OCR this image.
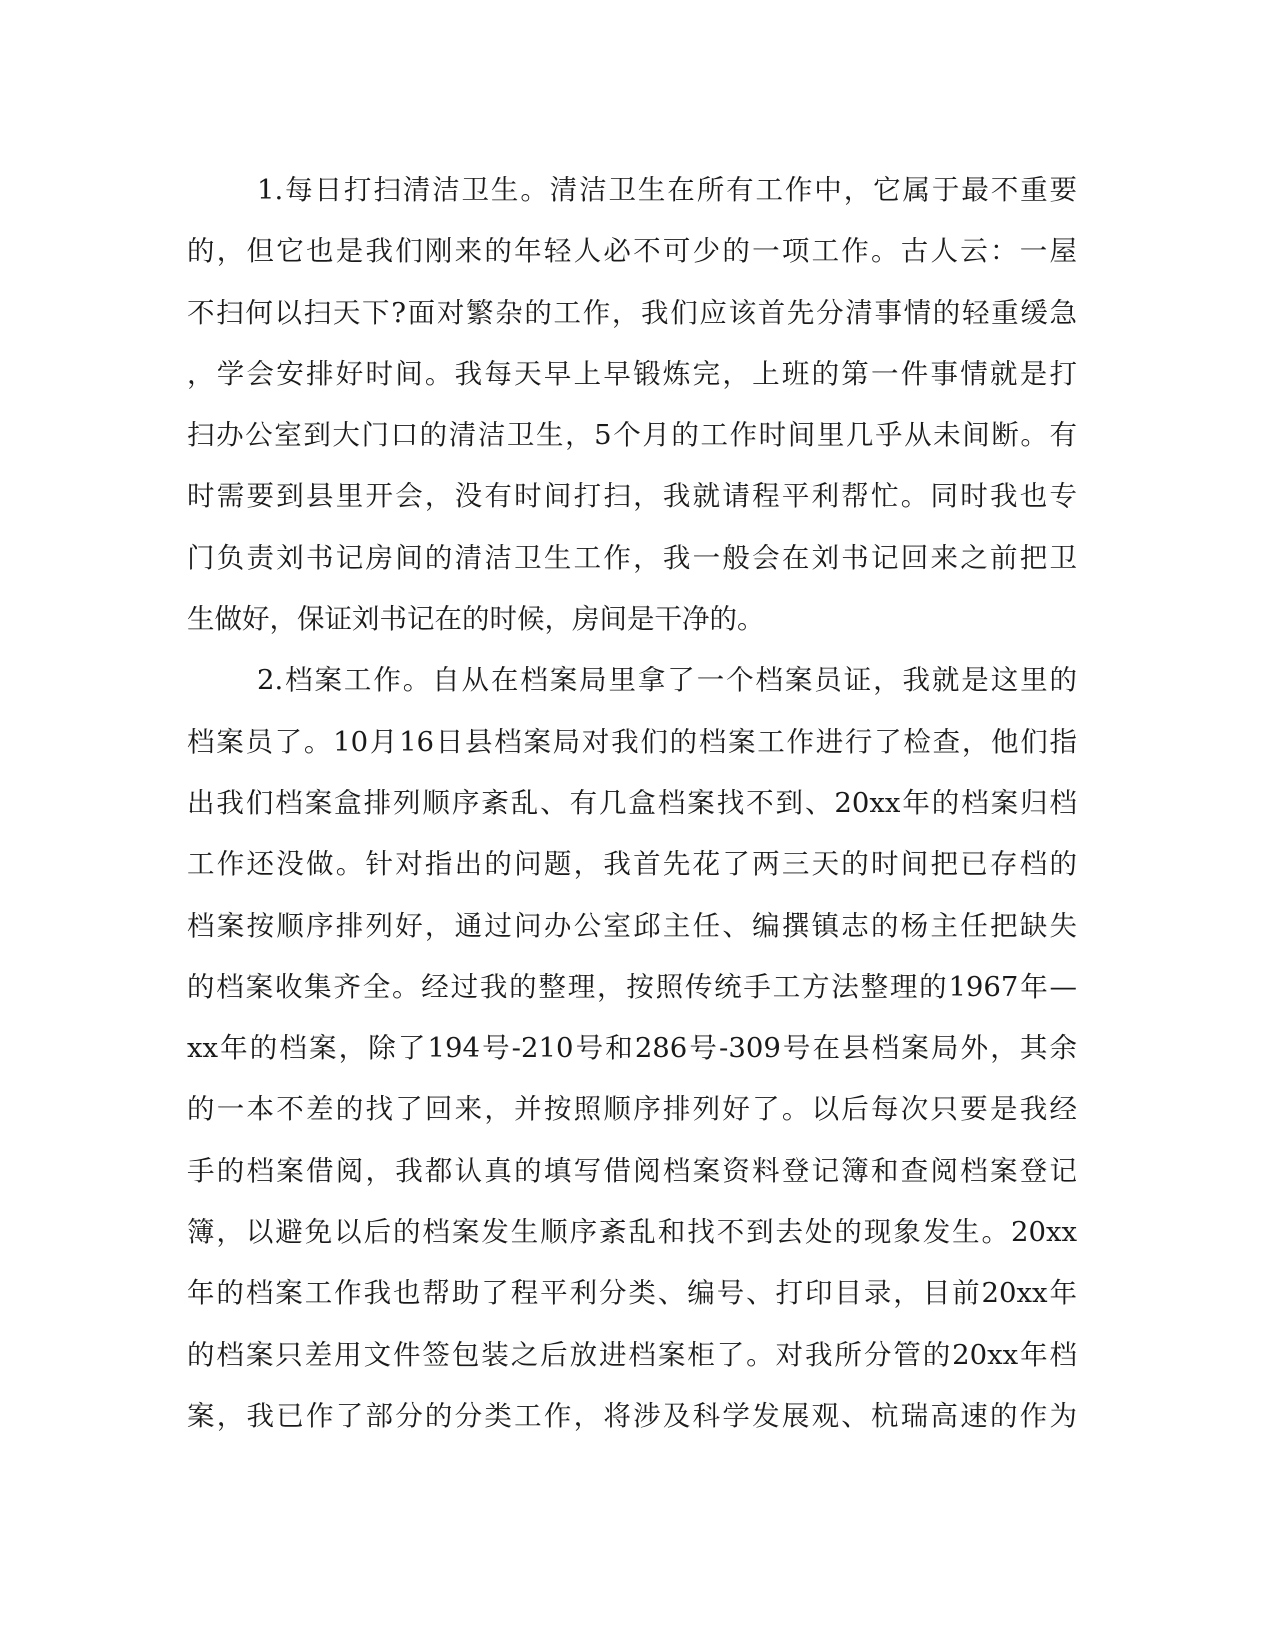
1.每日打扫清洁卫生。清洁卫生在所有工作中，它属于最不重要
的，但它也是我们刚来的年轻人必不可少的一项工作。古人云：一屋
不扫何以扫天下?面对繁杂的工作，我们应该首先分清事情的轻重缓急
，学会安排好时间。我每天早上早锻炼完，上班的第一件事情就是打
扫办公室到大门口的清洁卫生，5个月的工作时间里几乎从未间断。有
时需要到县里开会，没有时间打扫，我就请程平利帮忙。同时我也专
门负责刘书记房间的清洁卫生工作，我一般会在刘书记回来之前把卫
生做好，保证刘书记在的时候，房间是干净的。
2.档案工作。自从在档案局里拿了一个档案员证，我就是这里的
档案员了。10月16日县档案局对我们的档案工作进行了检查，他们指
出我们档案盒排列顺序紊乱、有几盒档案找不到、20xx年的档案归档
工作还没做。针对指出的问题，我首先花了两三天的时间把已存档的
档案按顺序排列好，通过问办公室邱主任、编撰镇志的杨主任把缺失
的档案收集齐全。经过我的整理，按照传统手工方法整理的1967年—
xx年的档案，除了194号-210号和286号-309号在县档案局外，其余
的一本不差的找了回来，并按照顺序排列好了。以后每次只要是我经
手的档案借阅，我都认真的填写借阅档案资料登记簿和查阅档案登记
簿，以避免以后的档案发生顺序紊乱和找不到去处的现象发生。20xx
年的档案工作我也帮助了程平利分类、编号、打印目录，目前20xx年
的档案只差用文件签包装之后放进档案柜了。对我所分管的20xx年档
案，我已作了部分的分类工作，将涉及科学发展观、杭瑞高速的作为
